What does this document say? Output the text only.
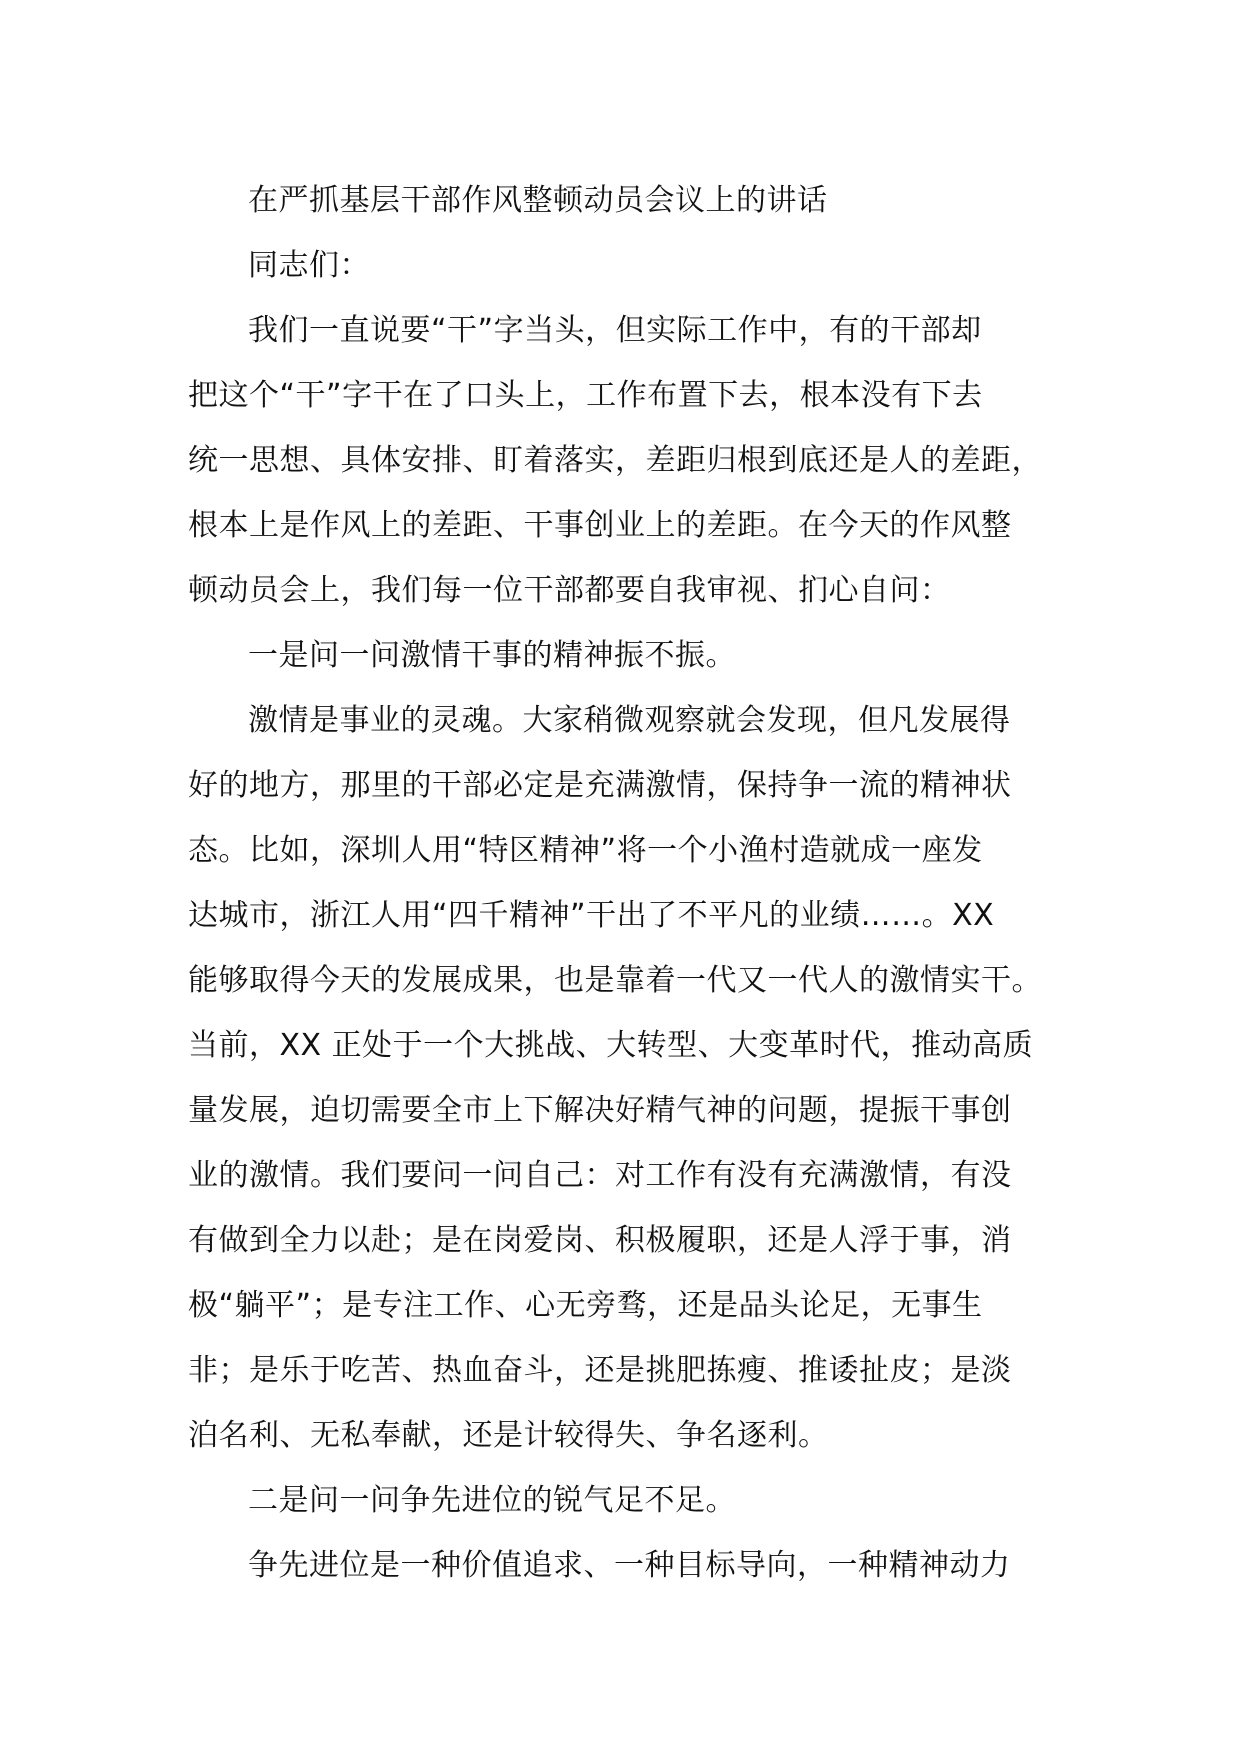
在严抓基层干部作风整顿动员会议上的讲话
同志们：
我们一直说要“干”字当头，但实际工作中，有的干部却
把这个“干”字干在了口头上，工作布置下去，根本没有下去
统一思想、具体安排、盯着落实，差距归根到底还是人的差距，
根本上是作风上的差距、干事创业上的差距。在今天的作风整
顿动员会上，我们每一位干部都要自我审视、扪心自问：
一是问一问激情干事的精神振不振。
激情是事业的灵魂。大家稍微观察就会发现，但凡发展得
好的地方，那里的干部必定是充满激情，保持争一流的精神状
态。比如，深圳人用“特区精神”将一个小渔村造就成一座发
达城市，浙江人用“四千精神”干出了不平凡的业绩……。XX
能够取得今天的发展成果，也是靠着一代又一代人的激情实干。
当前，XX 正处于一个大挑战、大转型、大变革时代，推动高质
量发展，迫切需要全市上下解决好精气神的问题，提振干事创
业的激情。我们要问一问自己：对工作有没有充满激情，有没
有做到全力以赴；是在岗爱岗、积极履职，还是人浮于事，消
极“躺平”；是专注工作、心无旁骛，还是品头论足，无事生
非；是乐于吃苦、热血奋斗，还是挑肥拣瘦、推诿扯皮；是淡
泊名利、无私奉献，还是计较得失、争名逐利。
二是问一问争先进位的锐气足不足。
争先进位是一种价值追求、一种目标导向，一种精神动力
